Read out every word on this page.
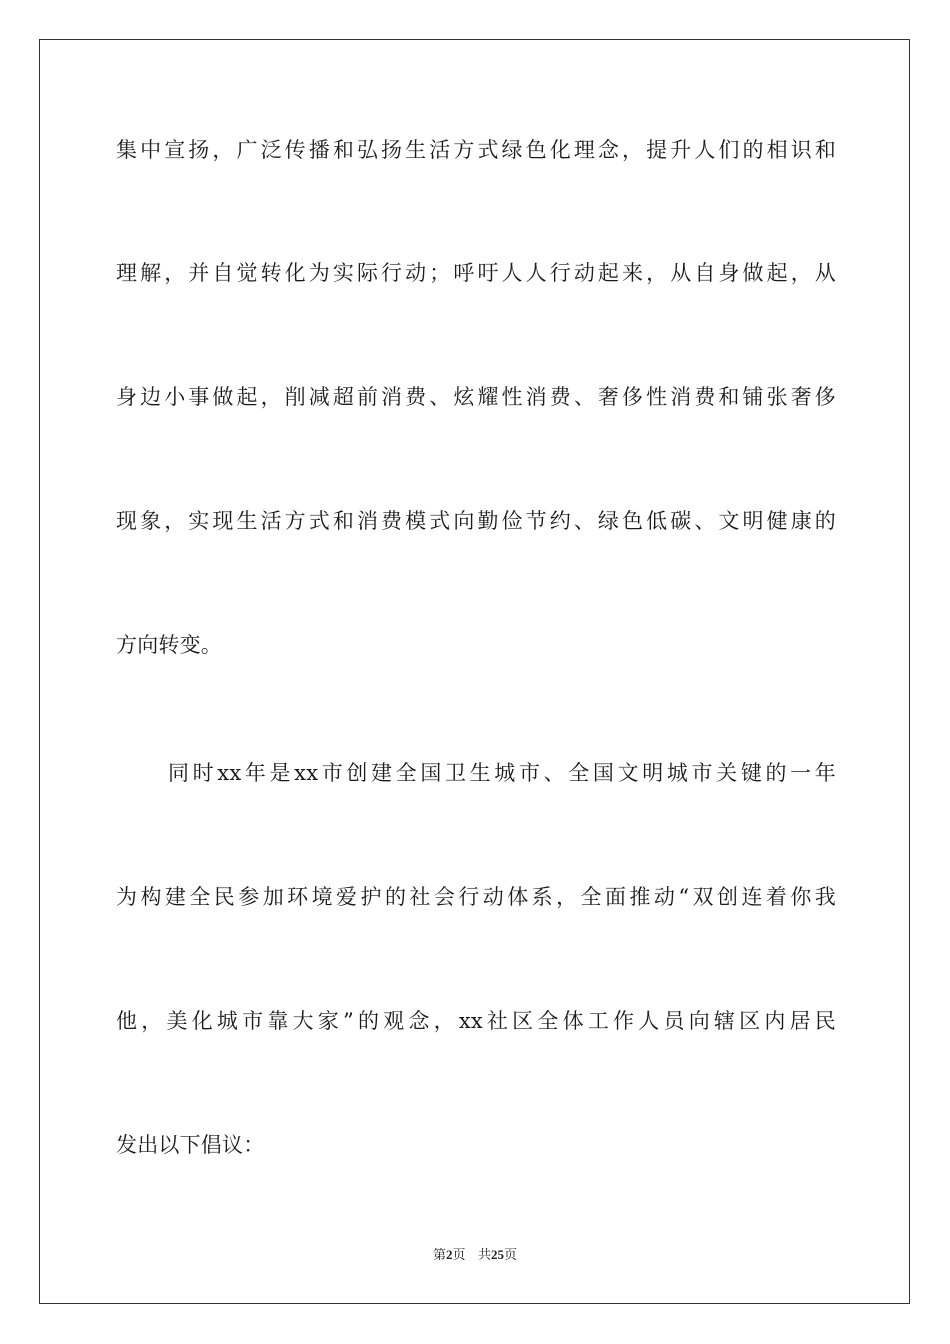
集中宣扬，广泛传播和弘扬生活方式绿色化理念，提升人们的相识和
理解，并自觉转化为实际行动；呼吁人人行动起来，从自身做起，从
身边小事做起，削减超前消费、炫耀性消费、奢侈性消费和铺张奢侈
现象，实现生活方式和消费模式向勤俭节约、绿色低碳、文明健康的
方向转变。
同时xx年是xx市创建全国卫生城市、全国文明城市关键的一年
为构建全民参加环境爱护的社会行动体系，全面推动“双创连着你我
他，美化城市靠大家”的观念，xx社区全体工作人员向辖区内居民
发出以下倡议：
第2页 共25页
